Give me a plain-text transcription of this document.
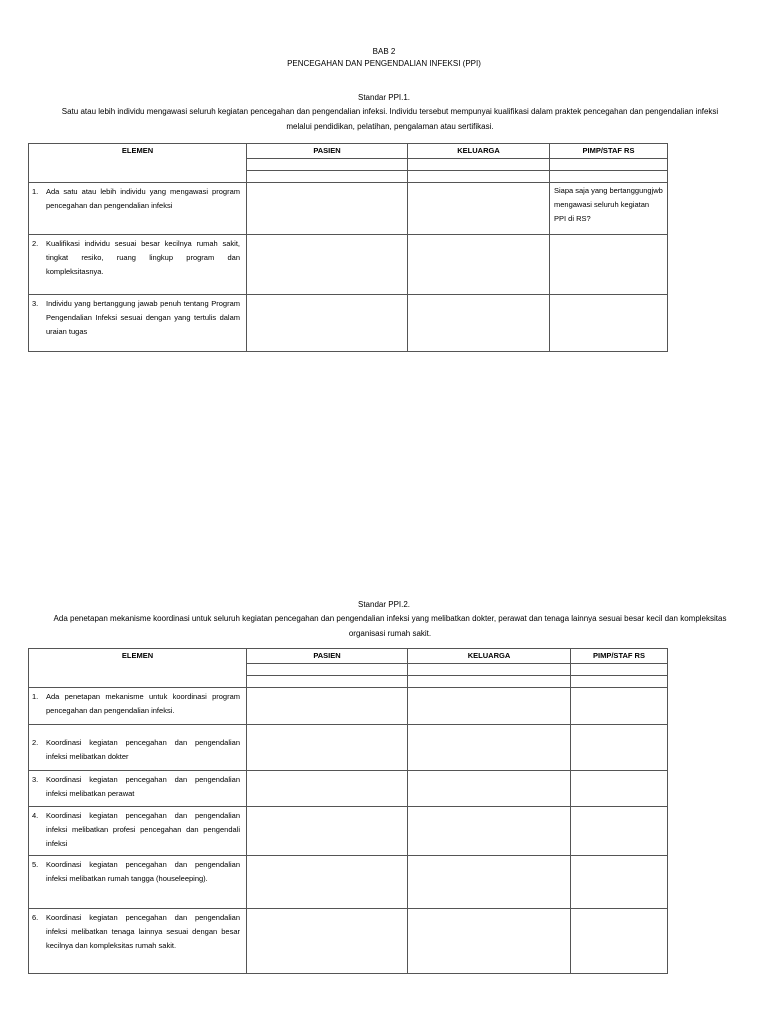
BAB 2
PENCEGAHAN DAN PENGENDALIAN INFEKSI (PPI)
Standar PPI.1.
Satu atau lebih individu mengawasi seluruh kegiatan pencegahan dan pengendalian infeksi. Individu tersebut mempunyai kualifikasi dalam praktek pencegahan dan pengendalian infeksi melalui pendidikan, pelatihan, pengalaman atau sertifikasi.
ELEMEN	PASIEN	KELUARGA	PIMP/STAF RS

1. Ada satu atau lebih individu yang mengawasi program pencegahan dan pengendalian infeksi			Siapa saja yang bertanggungjwb mengawasi seluruh kegiatan PPI di RS?

2. Kualifikasi individu sesuai besar kecilnya rumah sakit, tingkat resiko, ruang lingkup program dan kompleksitasnya.			

3. Individu yang bertanggung jawab penuh tentang Program Pengendalian Infeksi sesuai dengan yang tertulis dalam uraian tugas			

Standar PPI.2.
Ada penetapan mekanisme koordinasi untuk seluruh kegiatan pencegahan dan pengendalian infeksi yang melibatkan dokter, perawat dan tenaga lainnya sesuai besar kecil dan kompleksitas organisasi rumah sakit.
ELEMEN	PASIEN	KELUARGA	PIMP/STAF RS

1. Ada penetapan mekanisme untuk koordinasi program pencegahan dan pengendalian infeksi.			

2. Koordinasi kegiatan pencegahan dan pengendalian infeksi melibatkan dokter			

3. Koordinasi kegiatan pencegahan dan pengendalian infeksi melibatkan perawat			

4. Koordinasi kegiatan pencegahan dan pengendalian infeksi melibatkan profesi pencegahan dan pengendali infeksi			

5. Koordinasi kegiatan pencegahan dan pengendalian infeksi melibatkan rumah tangga (houseleeping).			

6. Koordinasi kegiatan pencegahan dan pengendalian infeksi melibatkan tenaga lainnya sesuai dengan besar kecilnya dan kompleksitas rumah sakit.			
